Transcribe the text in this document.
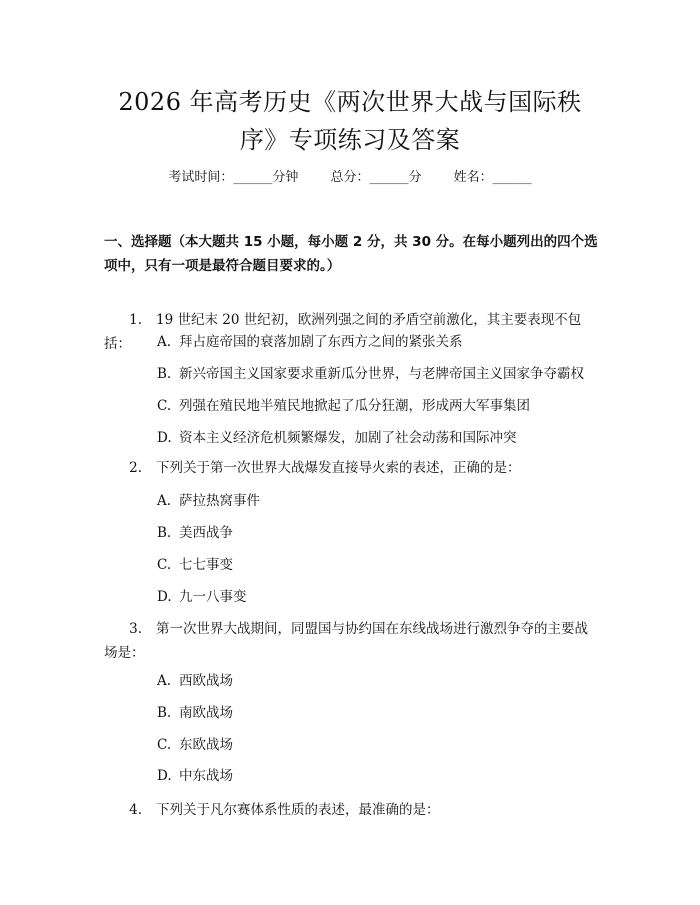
2026 年高考历史《两次世界大战与国际秩
序》专项练习及答案
考试时间：______分钟 总分：______分 姓名：______
一、选择题（本大题共 15 小题，每小题 2 分，共 30 分。在每小题列出的四个选
项中，只有一项是最符合题目要求的。）
1. 19 世纪末 20 世纪初，欧洲列强之间的矛盾空前激化，其主要表现不包
括：	A. 拜占庭帝国的衰落加剧了东西方之间的紧张关系
B. 新兴帝国主义国家要求重新瓜分世界，与老牌帝国主义国家争夺霸权
C. 列强在殖民地半殖民地掀起了瓜分狂潮，形成两大军事集团
D. 资本主义经济危机频繁爆发，加剧了社会动荡和国际冲突
2. 下列关于第一次世界大战爆发直接导火索的表述，正确的是：
A. 萨拉热窝事件
B. 美西战争
C. 七七事变
D. 九一八事变
3. 第一次世界大战期间，同盟国与协约国在东线战场进行激烈争夺的主要战
场是：
A. 西欧战场
B. 南欧战场
C. 东欧战场
D. 中东战场
4. 下列关于凡尔赛体系性质的表述，最准确的是：
